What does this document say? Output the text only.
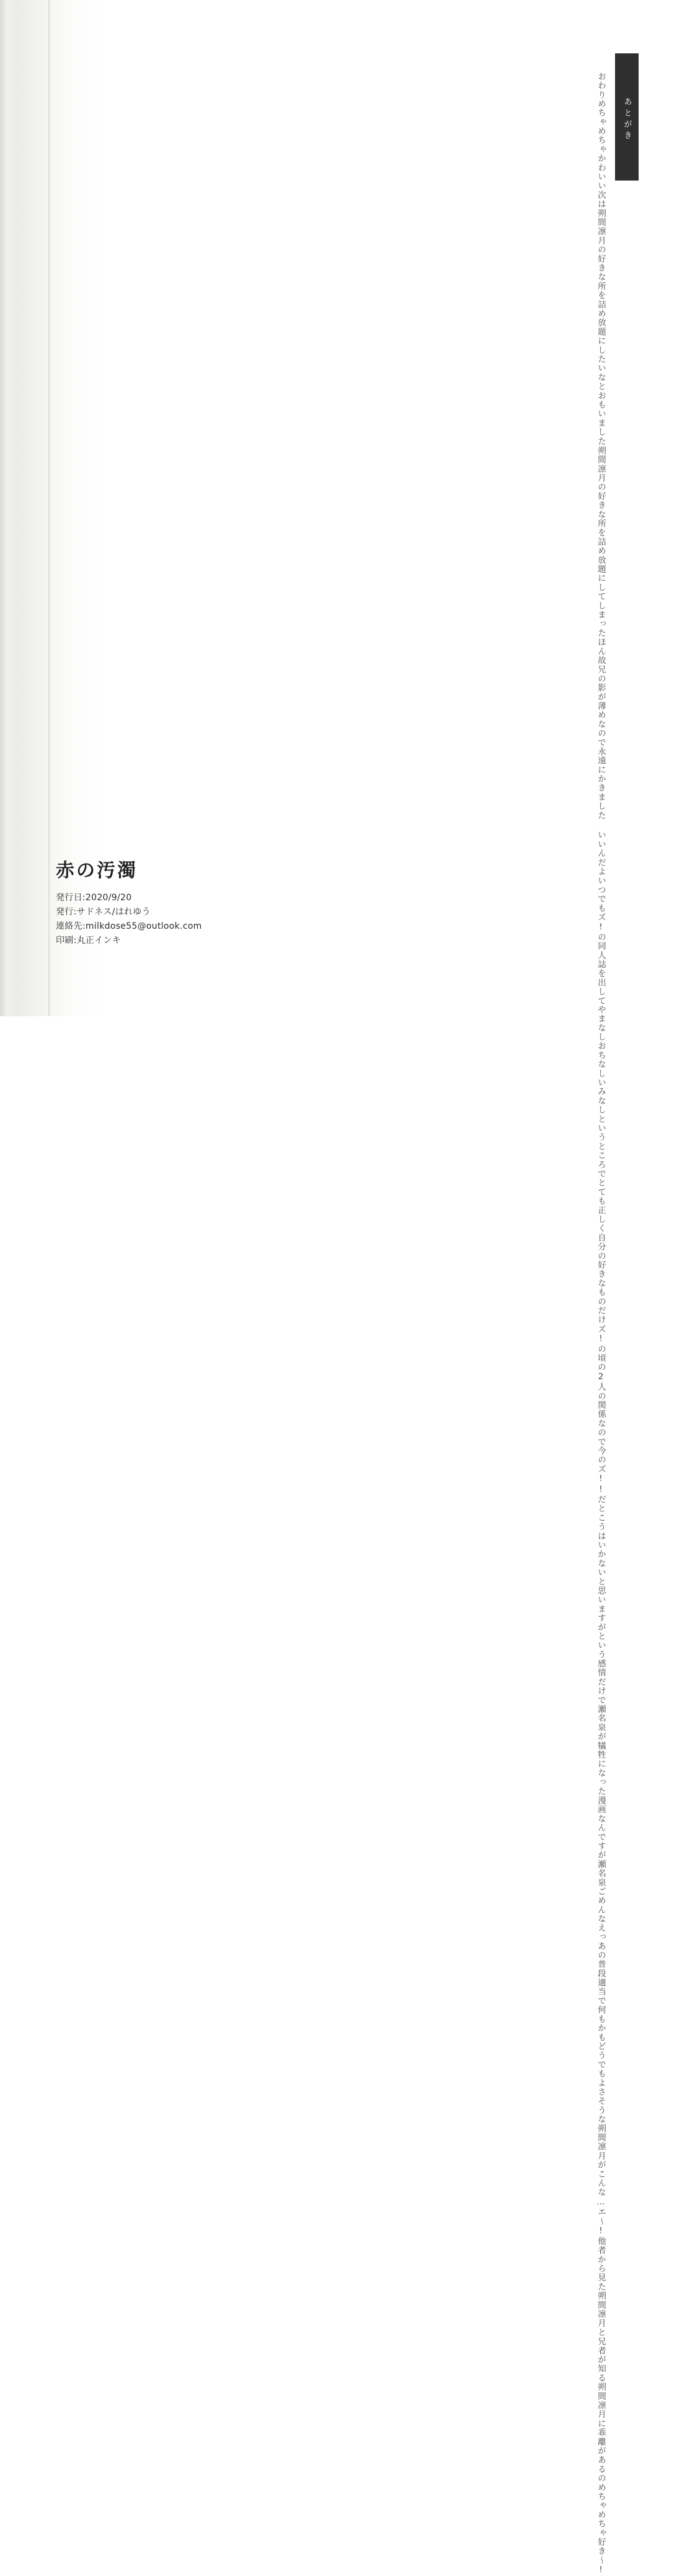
あとがき
おわり
めちゃめちゃかわいい
次は朔間凛月の好きな所を詰め放題にしたいなとおもいました
朔間凛月の好きな所を詰め放題にしてしまったほん故兄の影が薄めなので
永遠にかきました いいんだよいつでもズ!の同人誌を出して
やまなしおちなしいみなしというところでとても正しく自分の好きなものだけ
ズ!の頃の2人の関係なので今のズ!!だとこうはいかないと思いますが
という感情だけで瀬名泉が犠牲になった漫画なんですが瀬名泉ごめんな
えっあの普段適当で何もかもどうでもよさそうな朔間凛月がこんな…エ～!
他者から見た朔間凛月と兄者が知る朔間凛月に乖離があるのめちゃめちゃ好き～!
赤の汚濁
発行日:2020/9/20
発行:サドネス/はれゆう
連絡先:milkdose55@outlook.com
印刷:丸正インキ
